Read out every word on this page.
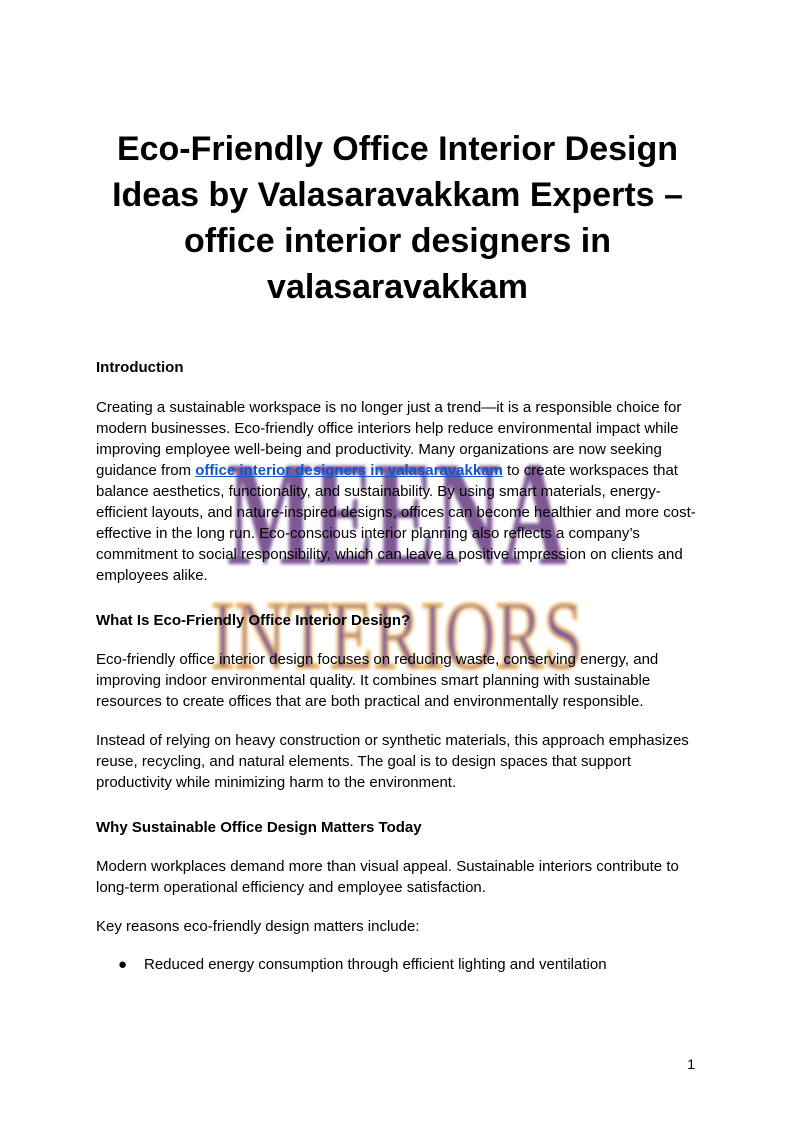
MEENA
INTERIORS
Eco-Friendly Office Interior Design
Ideas by Valasaravakkam Experts –
office interior designers in
valasaravakkam
Introduction

Creating a sustainable workspace is no longer just a trend—it is a responsible choice for modern businesses. Eco-friendly office interiors help reduce environmental impact while improving employee well-being and productivity. Many organizations are now seeking guidance from office interior designers in valasaravakkam to create workspaces that balance aesthetics, functionality, and sustainability. By using smart materials, energy-efficient layouts, and nature-inspired designs, offices can become healthier and more cost-effective in the long run. Eco-conscious interior planning also reflects a company’s commitment to social responsibility, which can leave a positive impression on clients and employees alike.

What Is Eco-Friendly Office Interior Design?

Eco-friendly office interior design focuses on reducing waste, conserving energy, and improving indoor environmental quality. It combines smart planning with sustainable resources to create offices that are both practical and environmentally responsible.

Instead of relying on heavy construction or synthetic materials, this approach emphasizes reuse, recycling, and natural elements. The goal is to design spaces that support productivity while minimizing harm to the environment.

Why Sustainable Office Design Matters Today

Modern workplaces demand more than visual appeal. Sustainable interiors contribute to long-term operational efficiency and employee satisfaction.

Key reasons eco-friendly design matters include:

● Reduced energy consumption through efficient lighting and ventilation
1
